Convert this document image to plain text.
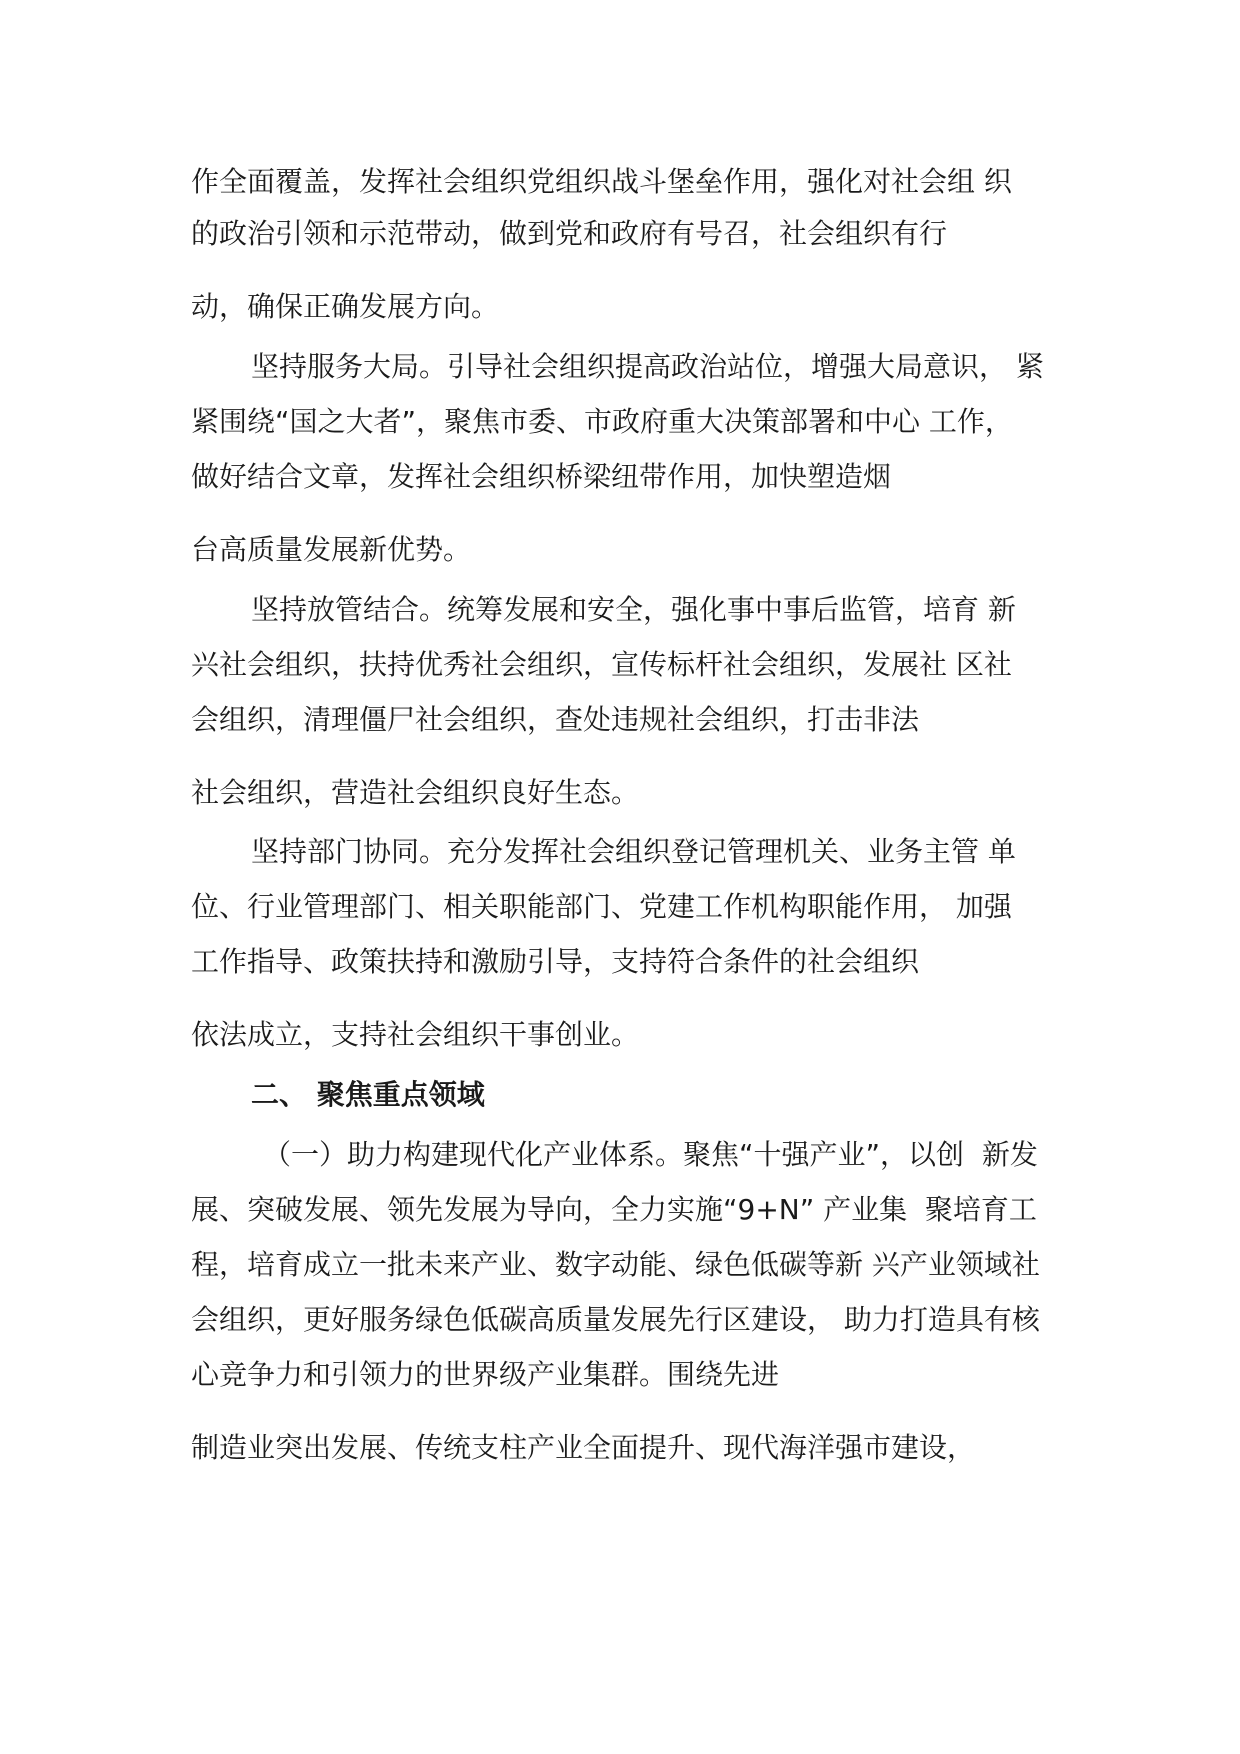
作全面覆盖，发挥社会组织党组织战斗堡垒作用，强化对社会组 织
的政治引领和示范带动，做到党和政府有号召，社会组织有行
动，确保正确发展方向。
坚持服务大局。引导社会组织提高政治站位，增强大局意识， 紧
紧围绕“国之大者”，聚焦市委、市政府重大决策部署和中心 工作，
做好结合文章，发挥社会组织桥梁纽带作用，加快塑造烟
台高质量发展新优势。
坚持放管结合。统筹发展和安全，强化事中事后监管，培育 新
兴社会组织，扶持优秀社会组织，宣传标杆社会组织，发展社 区社
会组织，清理僵尸社会组织，查处违规社会组织，打击非法
社会组织，营造社会组织良好生态。
坚持部门协同。充分发挥社会组织登记管理机关、业务主管 单
位、行业管理部门、相关职能部门、党建工作机构职能作用， 加强
工作指导、政策扶持和激励引导，支持符合条件的社会组织
依法成立，支持社会组织干事创业。
二、 聚焦重点领域
（一）助力构建现代化产业体系。聚焦“十强产业”，以创  新发
展、突破发展、领先发展为导向，全力实施“9+N” 产业集  聚培育工
程，培育成立一批未来产业、数字动能、绿色低碳等新 兴产业领域社
会组织，更好服务绿色低碳高质量发展先行区建设， 助力打造具有核
心竞争力和引领力的世界级产业集群。围绕先进
制造业突出发展、传统支柱产业全面提升、现代海洋强市建设，
